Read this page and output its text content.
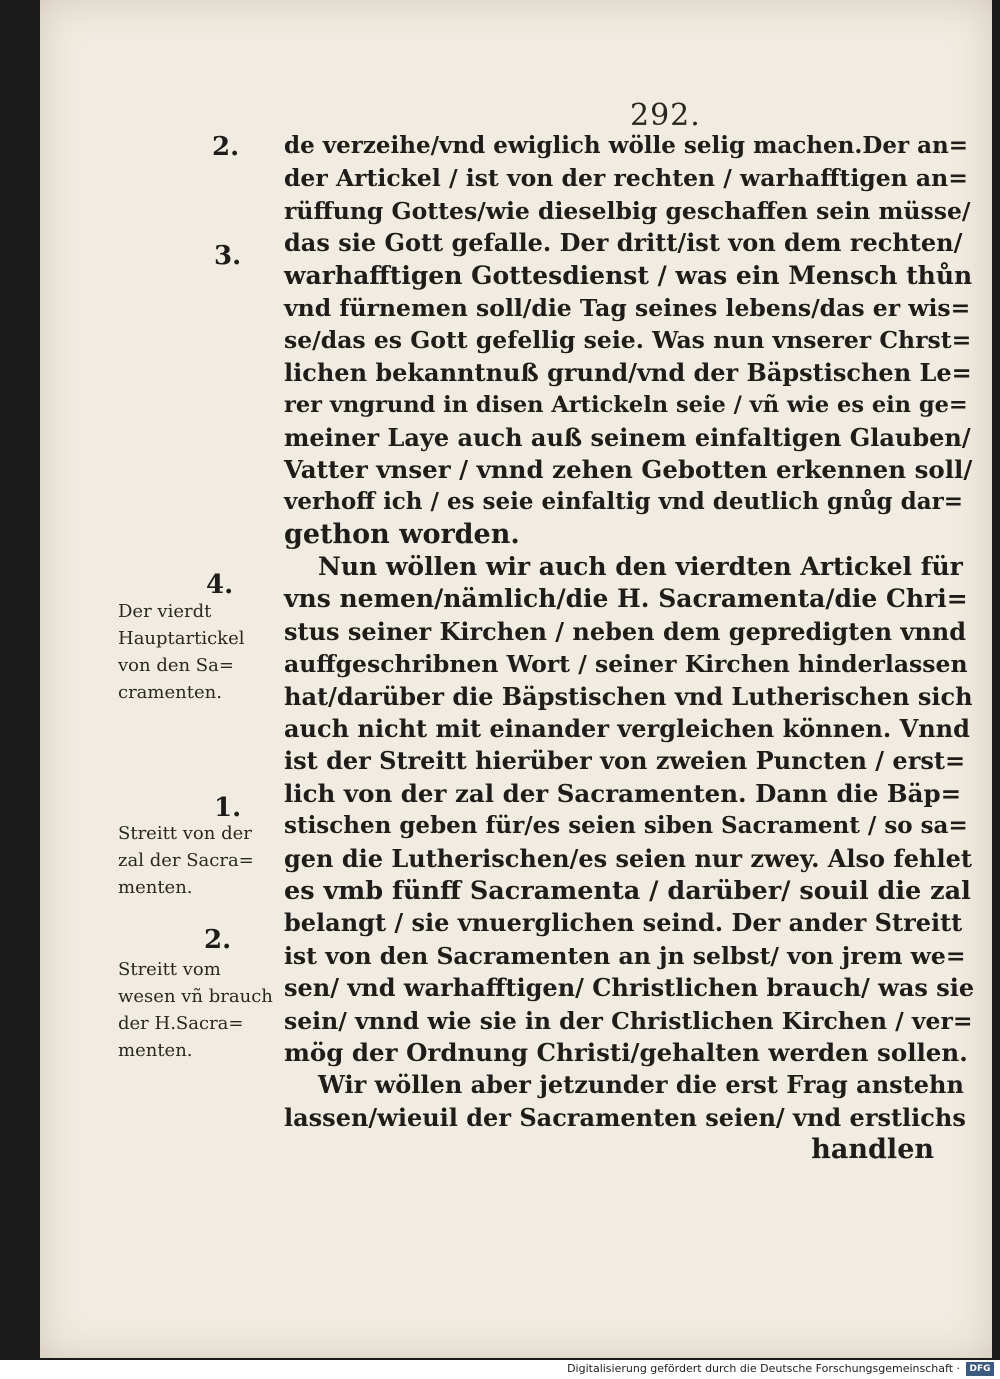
292.
2.
3.
4.
1.
2.
Der vierdt
Hauptartickel
von den Sa=
cramenten.
Streitt von der
zal der Sacra=
menten.
Streitt vom
wesen vñ brauch
der H.Sacra=
menten.
de verzeihe/vnd ewiglich wölle selig machen.Der an=
der Artickel / ist von der rechten / warhafftigen an=
rüffung Gottes/wie dieselbig geschaffen sein müsse/
das sie Gott gefalle. Der dritt/ist von dem rechten/
warhafftigen Gottesdienst / was ein Mensch thůn
vnd fürnemen soll/die Tag seines lebens/das er wis=
se/das es Gott gefellig seie. Was nun vnserer Chrst=
lichen bekanntnuß grund/vnd der Bäpstischen Le=
rer vngrund in disen Artickeln seie / vñ wie es ein ge=
meiner Laye auch auß seinem einfaltigen Glauben/
Vatter vnser / vnnd zehen Gebotten erkennen soll/
verhoff ich / es seie einfaltig vnd deutlich gnůg dar=
gethon worden.
Nun wöllen wir auch den vierdten Artickel für
vns nemen/nämlich/die H. Sacramenta/die Chri=
stus seiner Kirchen / neben dem gepredigten vnnd
auffgeschribnen Wort / seiner Kirchen hinderlassen
hat/darüber die Bäpstischen vnd Lutherischen sich
auch nicht mit einander vergleichen können. Vnnd
ist der Streitt hierüber von zweien Puncten / erst=
lich von der zal der Sacramenten. Dann die Bäp=
stischen geben für/es seien siben Sacrament / so sa=
gen die Lutherischen/es seien nur zwey. Also fehlet
es vmb fünff Sacramenta / darüber/ souil die zal
belangt / sie vnuerglichen seind. Der ander Streitt
ist von den Sacramenten an jn selbst/ von jrem we=
sen/ vnd warhafftigen/ Christlichen brauch/ was sie
sein/ vnnd wie sie in der Christlichen Kirchen / ver=
mög der Ordnung Christi/gehalten werden sollen.
Wir wöllen aber jetzunder die erst Frag anstehn
lassen/wieuil der Sacramenten seien/ vnd erstlichs
handlen
Digitalisierung gefördert durch die Deutsche Forschungsgemeinschaft ·	DFG
